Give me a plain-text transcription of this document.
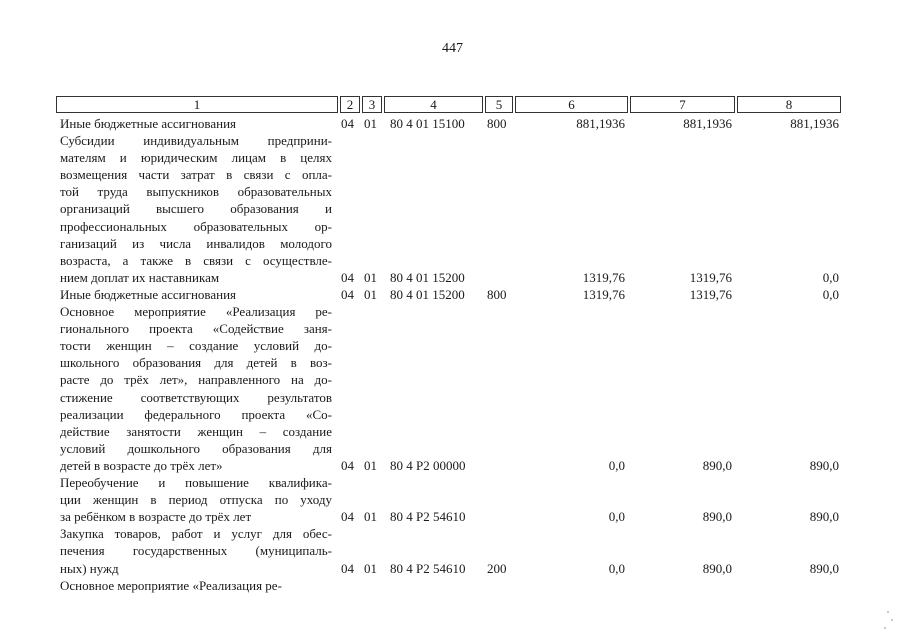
447
1	2	3	4	5	6	7	8
Иные бюджетные ассигнования	04 01 80 4 01 15100 800	881,1936	881,1936	881,1936
Субсидии индивидуальным предприни-
мателям и юридическим лицам в целях
возмещения части затрат в связи с опла-
той труда выпускников образовательных
организаций высшего образования и
профессиональных образовательных ор-
ганизаций из числа инвалидов молодого
возраста, а также в связи с осуществле-
нием доплат их наставникам	04 01 80 4 01 15200	1319,76	1319,76	0,0
Иные бюджетные ассигнования	04 01 80 4 01 15200 800	1319,76	1319,76	0,0
Основное мероприятие «Реализация ре-
гионального проекта «Содействие заня-
тости женщин – создание условий до-
школьного образования для детей в воз-
расте до трёх лет», направленного на до-
стижение соответствующих результатов
реализации федерального проекта «Со-
действие занятости женщин – создание
условий дошкольного образования для
детей в возрасте до трёх лет»	04 01 80 4 P2 00000	0,0	890,0	890,0
Переобучение и повышение квалифика-
ции женщин в период отпуска по уходу
за ребёнком в возрасте до трёх лет	04 01 80 4 P2 54610	0,0	890,0	890,0
Закупка товаров, работ и услуг для обес-
печения государственных (муниципаль-
ных) нужд	04 01 80 4 P2 54610 200	0,0	890,0	890,0
Основное мероприятие «Реализация ре-
